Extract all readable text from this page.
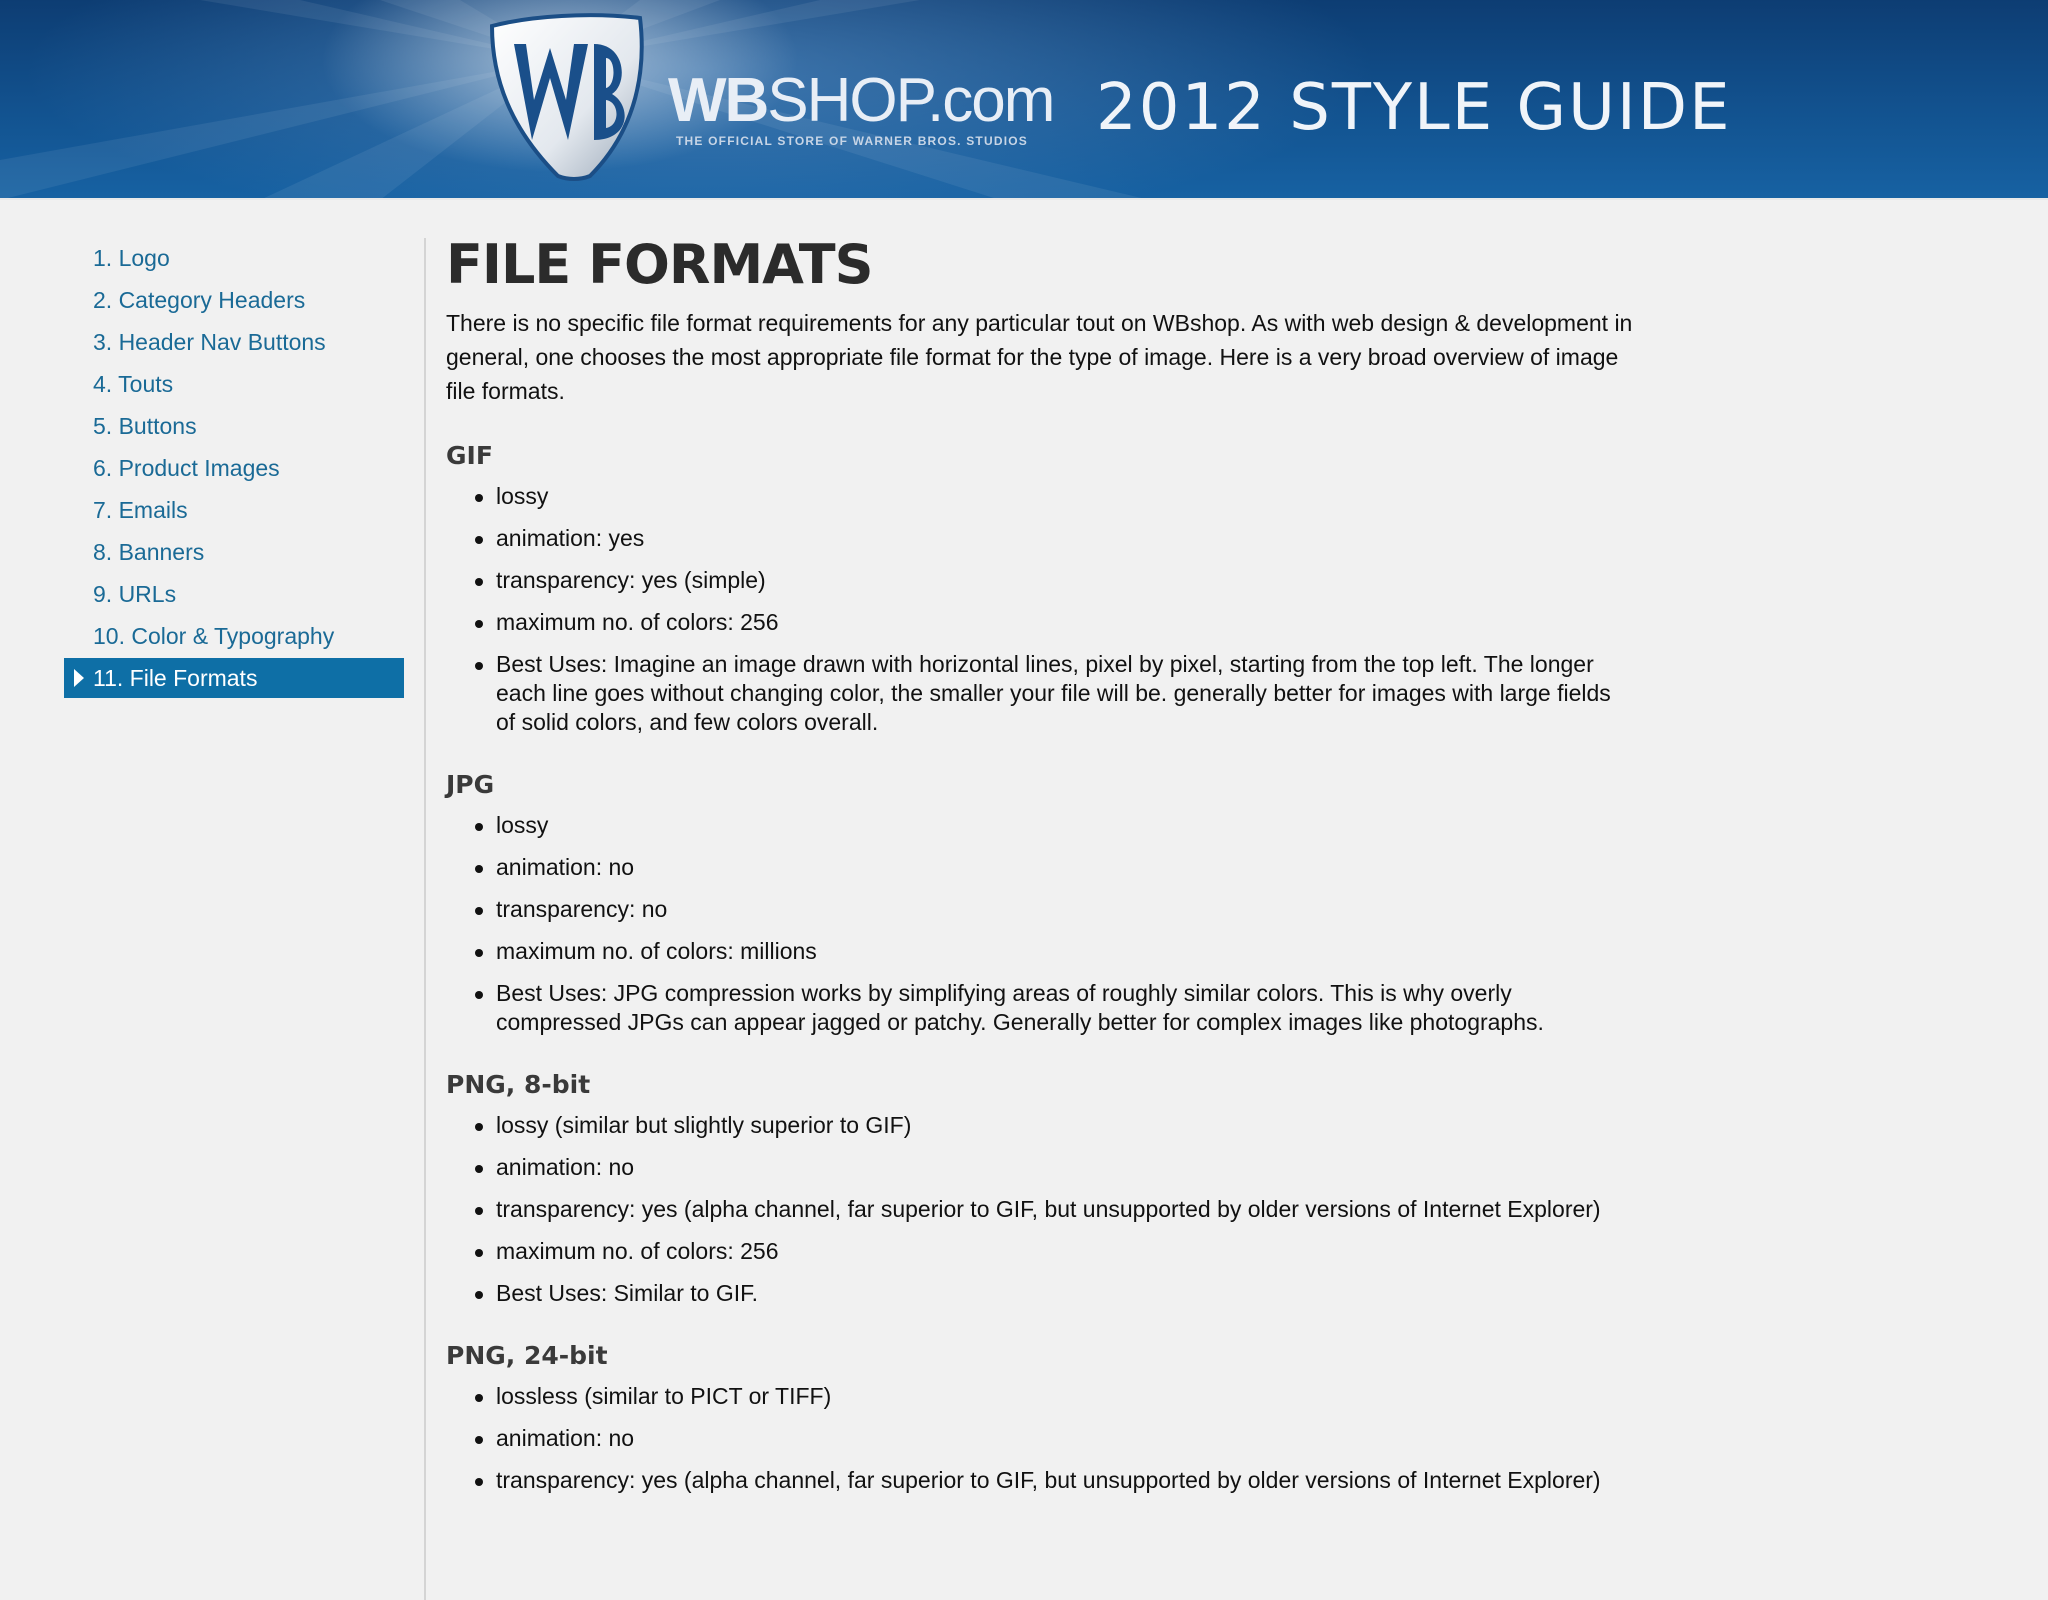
WBSHOP.com
THE OFFICIAL STORE OF WARNER BROS. STUDIOS	2012 STYLE GUIDE
1. Logo
2. Category Headers
3. Header Nav Buttons
4. Touts
5. Buttons
6. Product Images
7. Emails
8. Banners
9. URLs
10. Color & Typography
11. File Formats
FILE FORMATS

There is no specific file format requirements for any particular tout on WBshop. As with web design & development in general, one chooses the most appropriate file format for the type of image. Here is a very broad overview of image file formats.

GIF
lossy
animation: yes
transparency: yes (simple)
maximum no. of colors: 256
Best Uses: Imagine an image drawn with horizontal lines, pixel by pixel, starting from the top left. The longer each line goes without changing color, the smaller your file will be. generally better for images with large fields of solid colors, and few colors overall.
JPG
lossy
animation: no
transparency: no
maximum no. of colors: millions
Best Uses: JPG compression works by simplifying areas of roughly similar colors. This is why overly compressed JPGs can appear jagged or patchy. Generally better for complex images like photographs.
PNG, 8-bit
lossy (similar but slightly superior to GIF)
animation: no
transparency: yes (alpha channel, far superior to GIF, but unsupported by older versions of Internet Explorer)
maximum no. of colors: 256
Best Uses: Similar to GIF.
PNG, 24-bit
lossless (similar to PICT or TIFF)
animation: no
transparency: yes (alpha channel, far superior to GIF, but unsupported by older versions of Internet Explorer)
